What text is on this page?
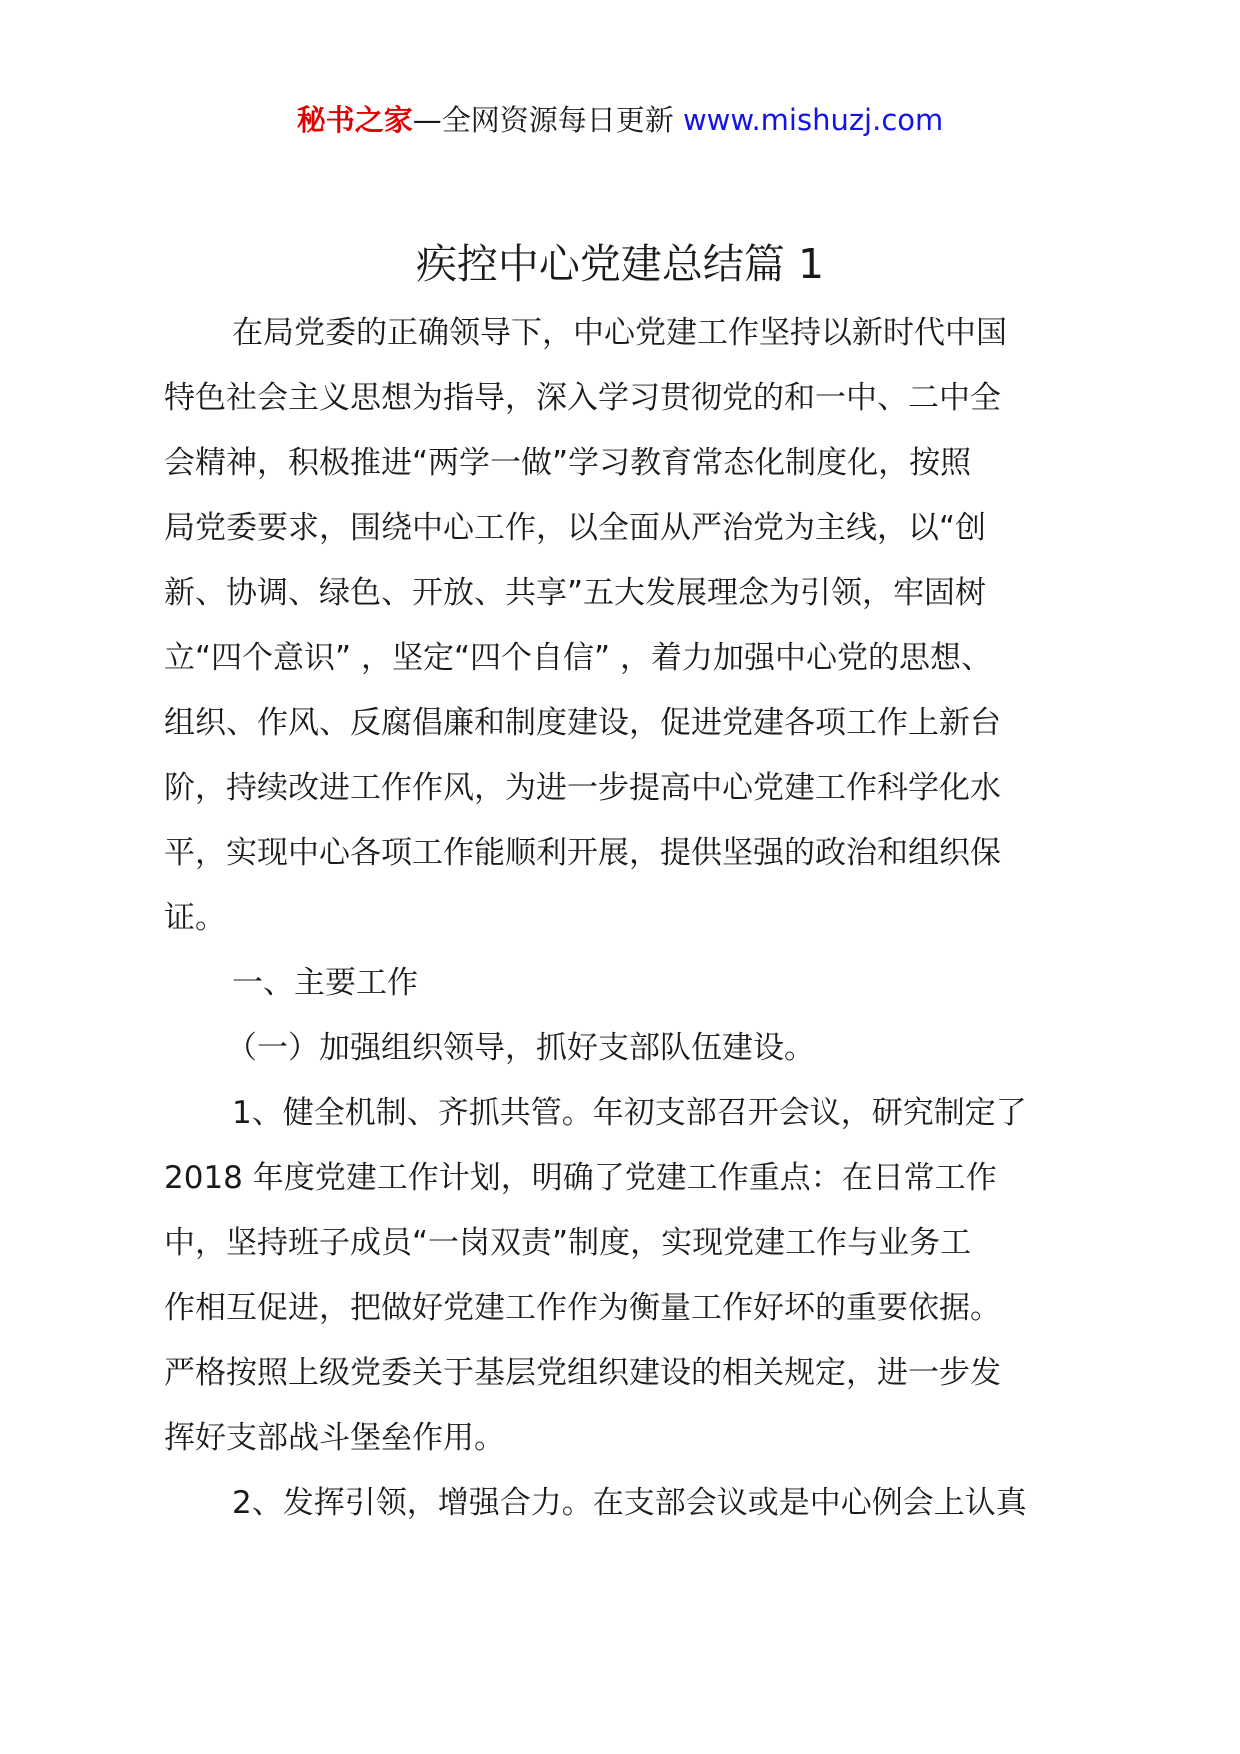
秘书之家—全网资源每日更新 www.mishuzj.com
疾控中心党建总结篇 1
在局党委的正确领导下，中心党建工作坚持以新时代中国
特色社会主义思想为指导，深入学习贯彻党的和一中、二中全
会精神，积极推进“两学一做”学习教育常态化制度化，按照
局党委要求，围绕中心工作，以全面从严治党为主线，以“创
新、协调、绿色、开放、共享”五大发展理念为引领，牢固树
立“四个意识” ，坚定“四个自信” ，着力加强中心党的思想、
组织、作风、反腐倡廉和制度建设，促进党建各项工作上新台
阶，持续改进工作作风，为进一步提高中心党建工作科学化水
平，实现中心各项工作能顺利开展，提供坚强的政治和组织保
证。
一、主要工作
（一）加强组织领导，抓好支部队伍建设。
1、健全机制、齐抓共管。年初支部召开会议，研究制定了
2018 年度党建工作计划，明确了党建工作重点：在日常工作
中，坚持班子成员“一岗双责”制度，实现党建工作与业务工
作相互促进，把做好党建工作作为衡量工作好坏的重要依据。
严格按照上级党委关于基层党组织建设的相关规定，进一步发
挥好支部战斗堡垒作用。
2、发挥引领，增强合力。在支部会议或是中心例会上认真
